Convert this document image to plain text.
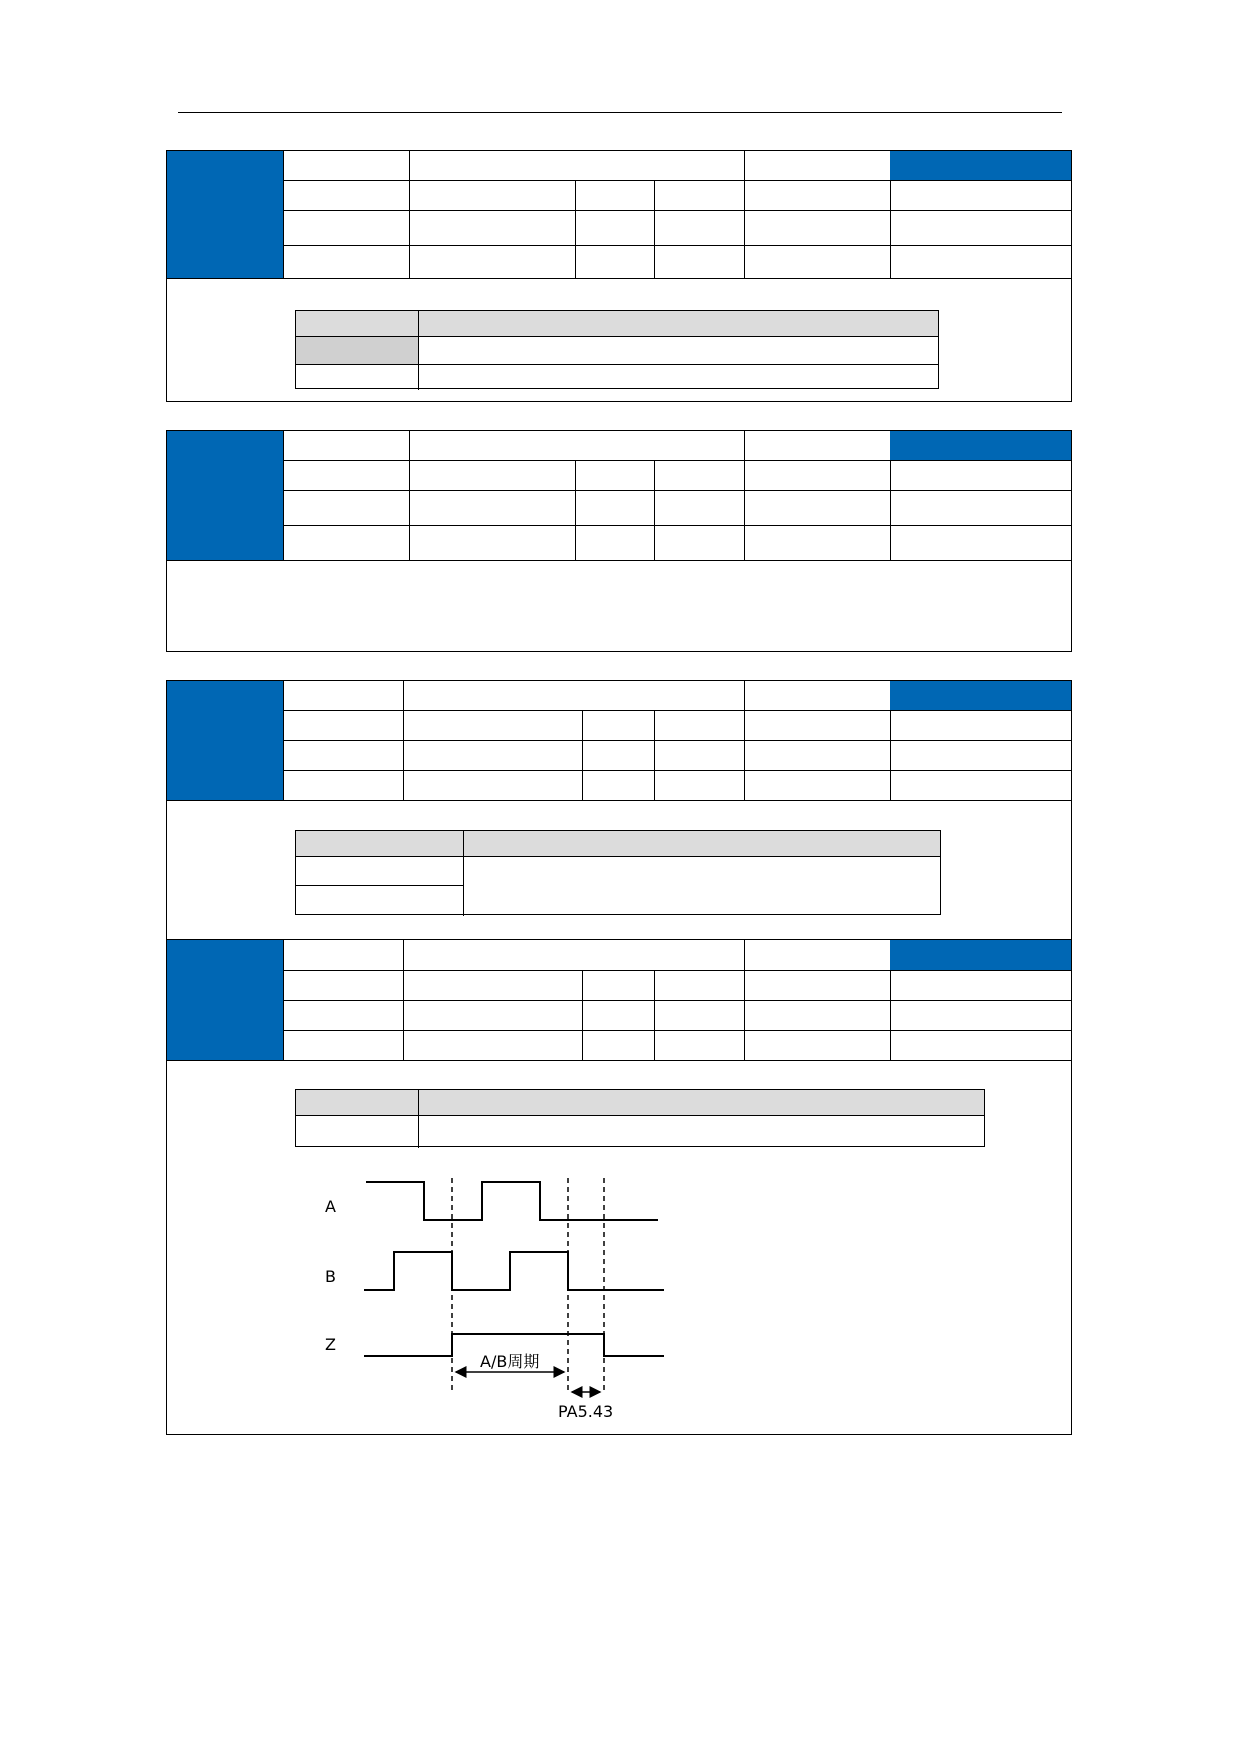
A
B
Z
A/B周期
PA5.43
